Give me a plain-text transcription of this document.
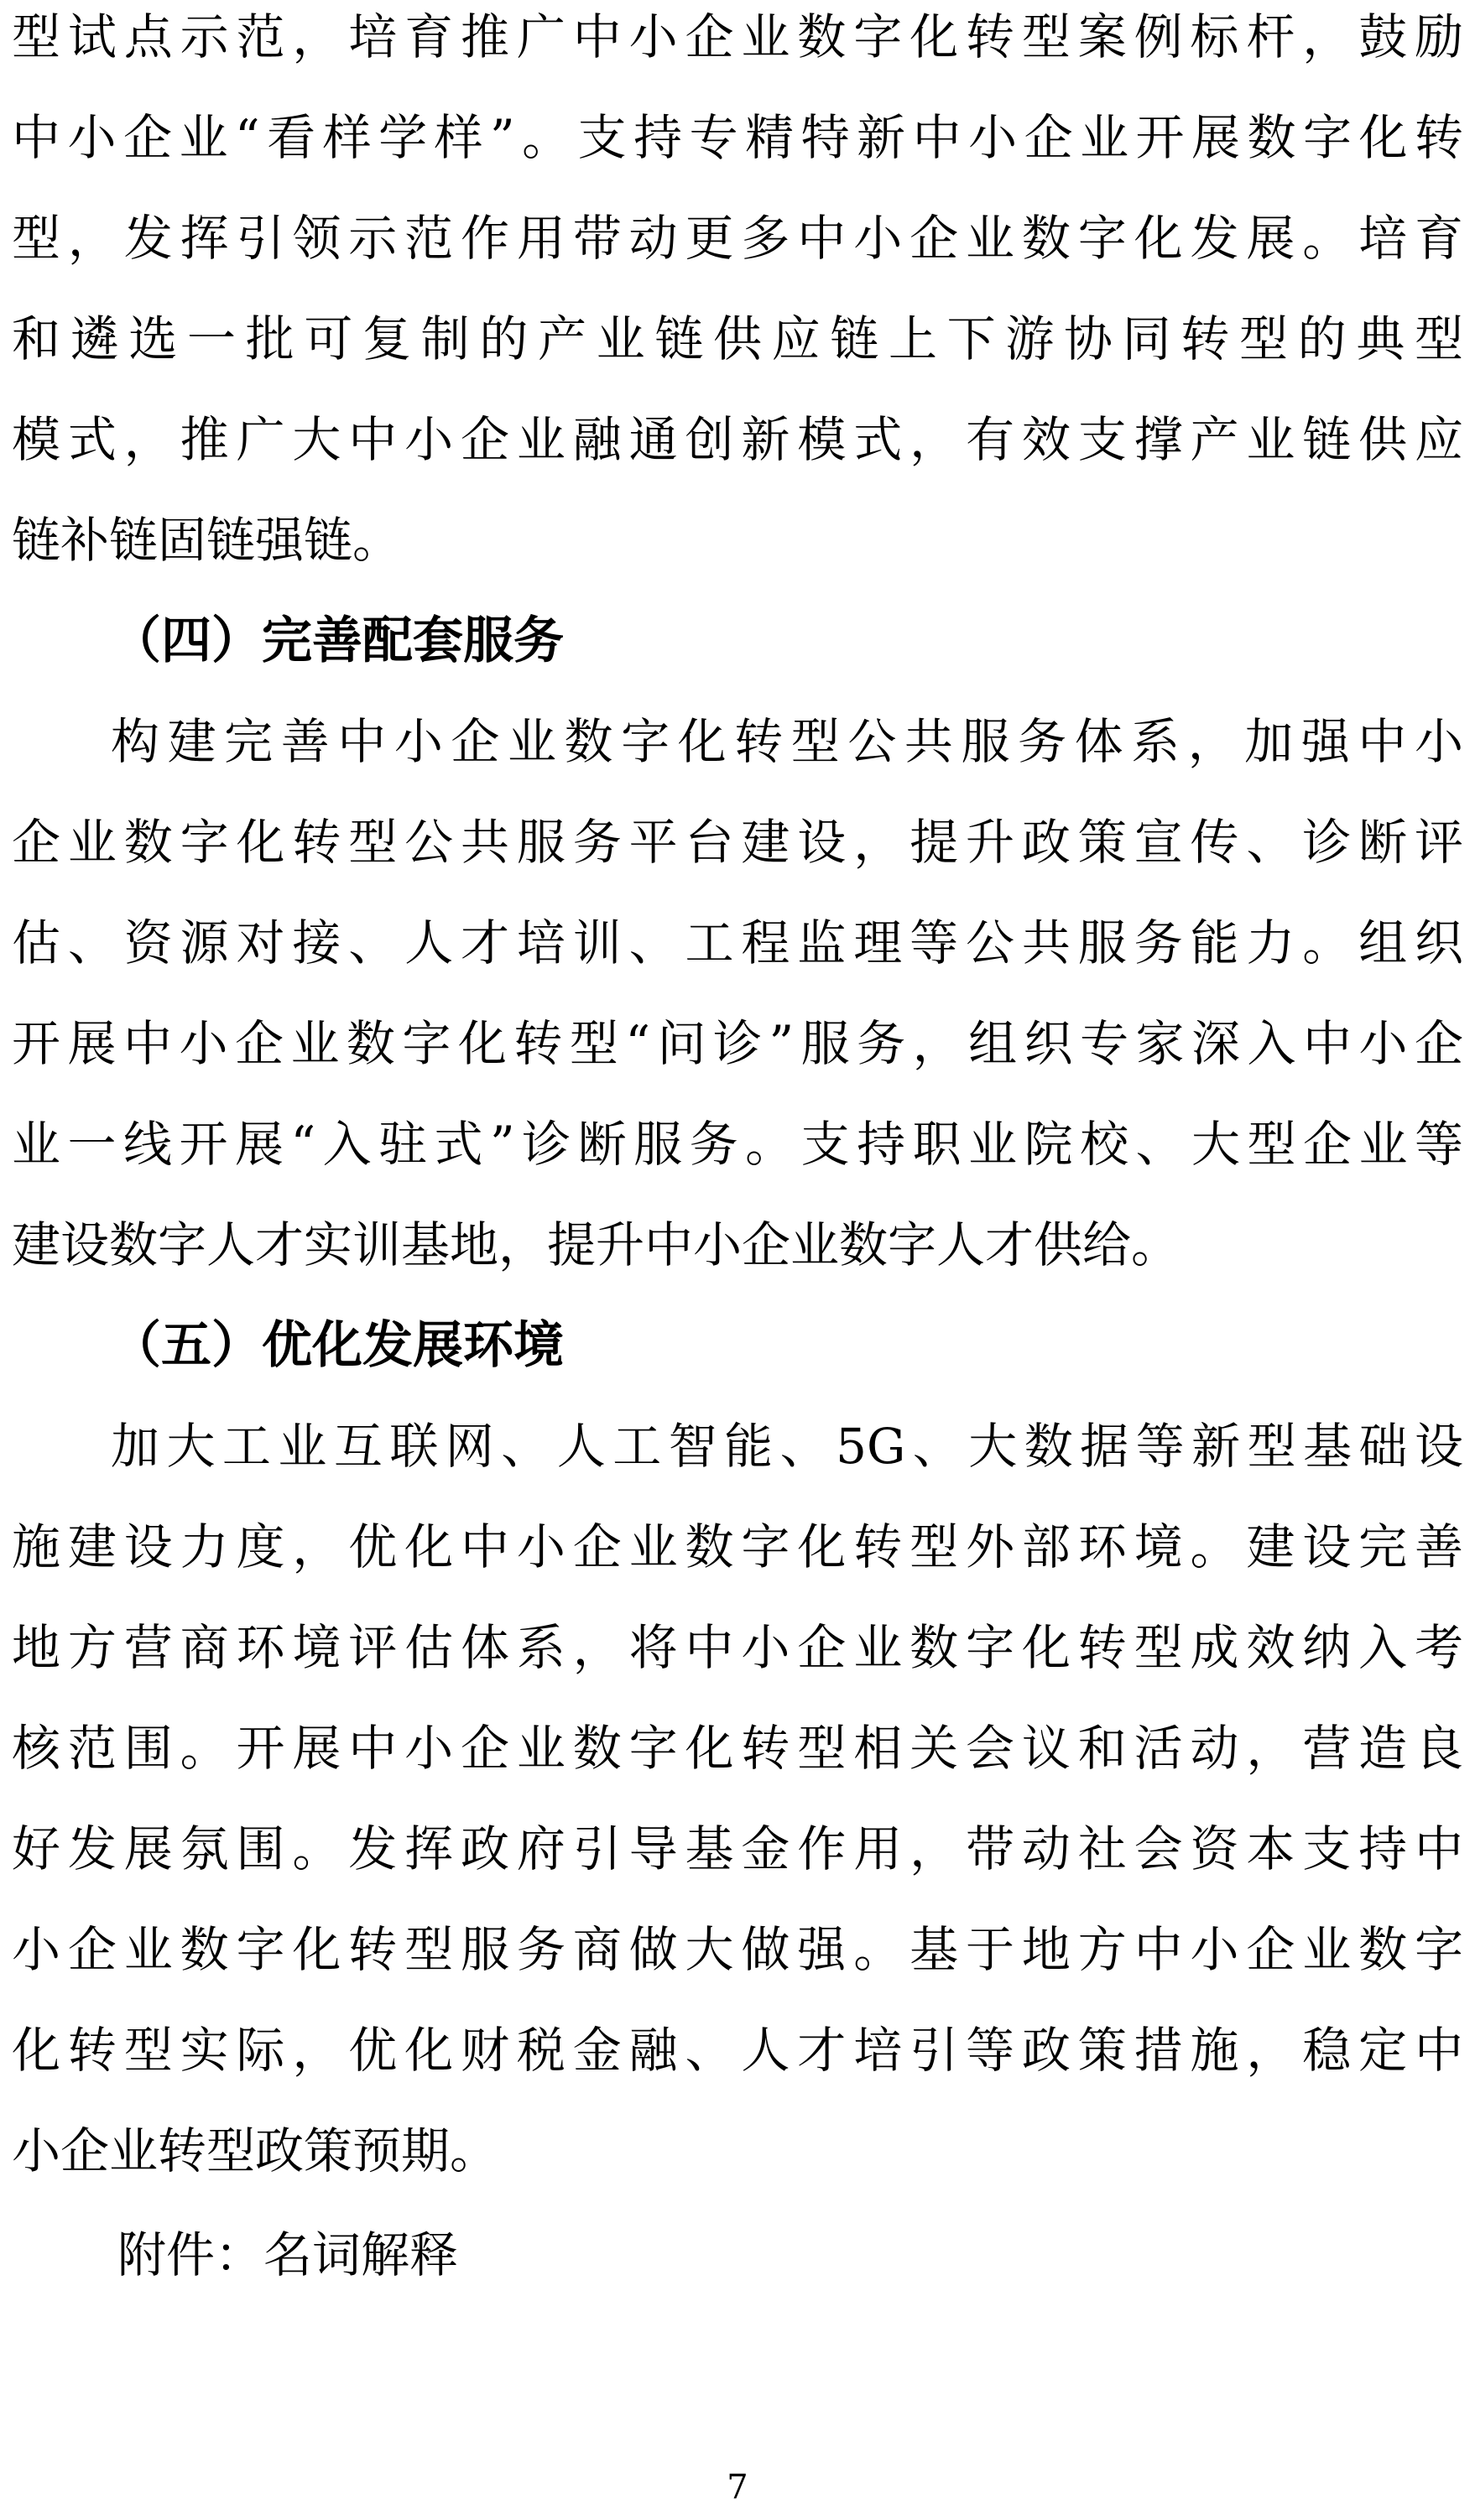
型试点示范，培育推广中小企业数字化转型案例标杆，鼓励
中小企业“看样学样”。支持专精特新中小企业开展数字化转
型，发挥引领示范作用带动更多中小企业数字化发展。培育
和遴选一批可复制的产业链供应链上下游协同转型的典型
模式，推广大中小企业融通创新模式，有效支撑产业链供应
链补链固链强链。
（四）完善配套服务
构建完善中小企业数字化转型公共服务体系，加强中小
企业数字化转型公共服务平台建设，提升政策宣传、诊断评
估、资源对接、人才培训、工程监理等公共服务能力。组织
开展中小企业数字化转型“问诊”服务，组织专家深入中小企
业一线开展“入驻式”诊断服务。支持职业院校、大型企业等
建设数字人才实训基地，提升中小企业数字人才供给。
（五）优化发展环境
加大工业互联网、人工智能、5G、大数据等新型基础设
施建设力度，优化中小企业数字化转型外部环境。建设完善
地方营商环境评估体系，将中小企业数字化转型成效纳入考
核范围。开展中小企业数字化转型相关会议和活动，营造良
好发展氛围。发挥政府引导基金作用，带动社会资本支持中
小企业数字化转型服务商做大做强。基于地方中小企业数字
化转型实际，优化财税金融、人才培引等政策措施，稳定中
小企业转型政策预期。
附件：名词解释
7
